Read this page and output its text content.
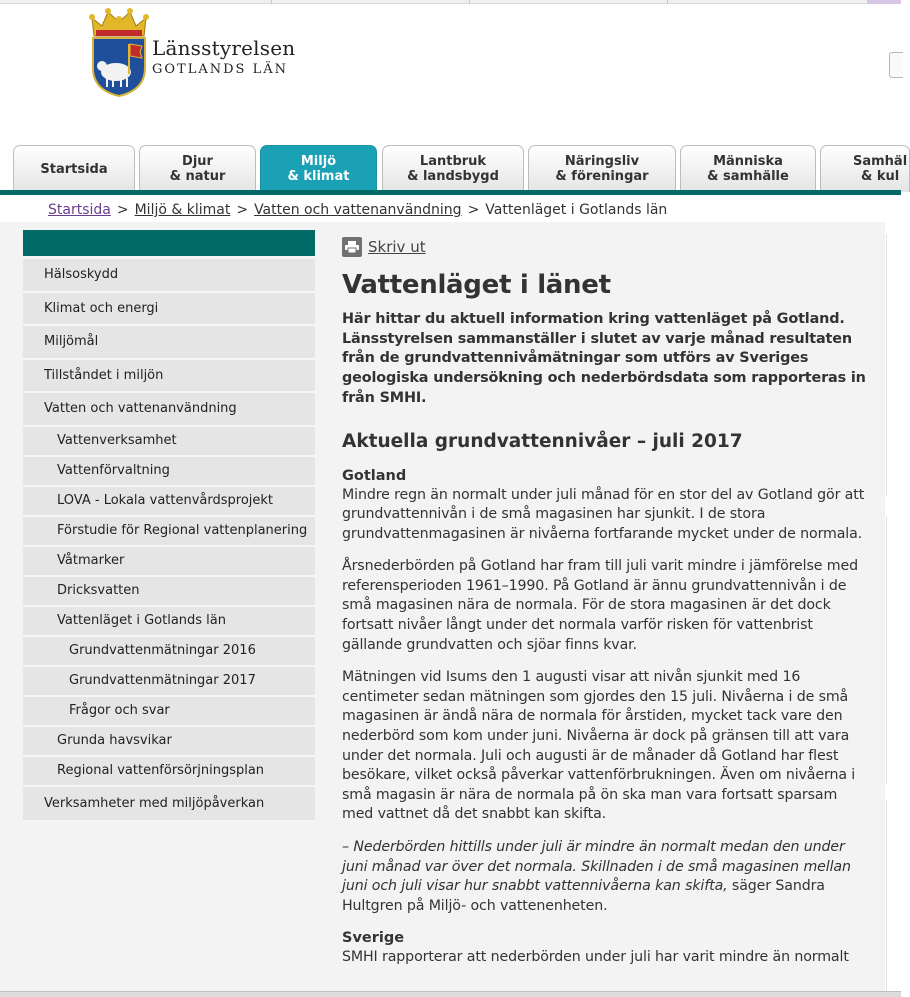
Länsstyrelsen
GOTLANDS LÄN
Startsida	Djur
& natur
Miljö
& klimat
Lantbruk
& landsbygd
Näringsliv
& föreningar
Människa
& samhälle
Samhäl
& kul
Startsida > Miljö & klimat > Vatten och vattenanvändning > Vattenläget i Gotlands län
Hälsoskydd
Klimat och energi
Miljömål
Tillståndet i miljön
Vatten och vattenanvändning
Vattenverksamhet
Vattenförvaltning
LOVA - Lokala vattenvårdsprojekt
Förstudie för Regional vattenplanering
Våtmarker
Dricksvatten
Vattenläget i Gotlands län
Grundvattenmätningar 2016
Grundvattenmätningar 2017
Frågor och svar
Grunda havsvikar
Regional vattenförsörjningsplan
Verksamheter med miljöpåverkan
Skriv ut
Vattenläget i länet

Här hittar du aktuell information kring vattenläget på Gotland. Länsstyrelsen sammanställer i slutet av varje månad resultaten från de grundvattennivåmätningar som utförs av Sveriges geologiska undersökning och nederbördsdata som rapporteras in från SMHI.

Aktuella grundvattennivåer – juli 2017
Gotland

Mindre regn än normalt under juli månad för en stor del av Gotland gör att grundvattennivån i de små magasinen har sjunkit. I de stora grundvattenmagasinen är nivåerna fortfarande mycket under de normala.

Årsnederbörden på Gotland har fram till juli varit mindre i jämförelse med referensperioden 1961–1990. På Gotland är ännu grundvattennivån i de små magasinen nära de normala. För de stora magasinen är det dock fortsatt nivåer långt under det normala varför risken för vattenbrist gällande grundvatten och sjöar finns kvar.

Mätningen vid Isums den 1 augusti visar att nivån sjunkit med 16 centimeter sedan mätningen som gjordes den 15 juli. Nivåerna i de små magasinen är ändå nära de normala för årstiden, mycket tack vare den nederbörd som kom under juni. Nivåerna är dock på gränsen till att vara under det normala. Juli och augusti är de månader då Gotland har flest besökare, vilket också påverkar vattenförbrukningen. Även om nivåerna i små magasin är nära de normala på ön ska man vara fortsatt sparsam med vattnet då det snabbt kan skifta.

– Nederbörden hittills under juli är mindre än normalt medan den under juni månad var över det normala. Skillnaden i de små magasinen mellan juni och juli visar hur snabbt vattennivåerna kan skifta, säger Sandra Hultgren på Miljö- och vattenenheten.

Sverige

SMHI rapporterar att nederbörden under juli har varit mindre än normalt
